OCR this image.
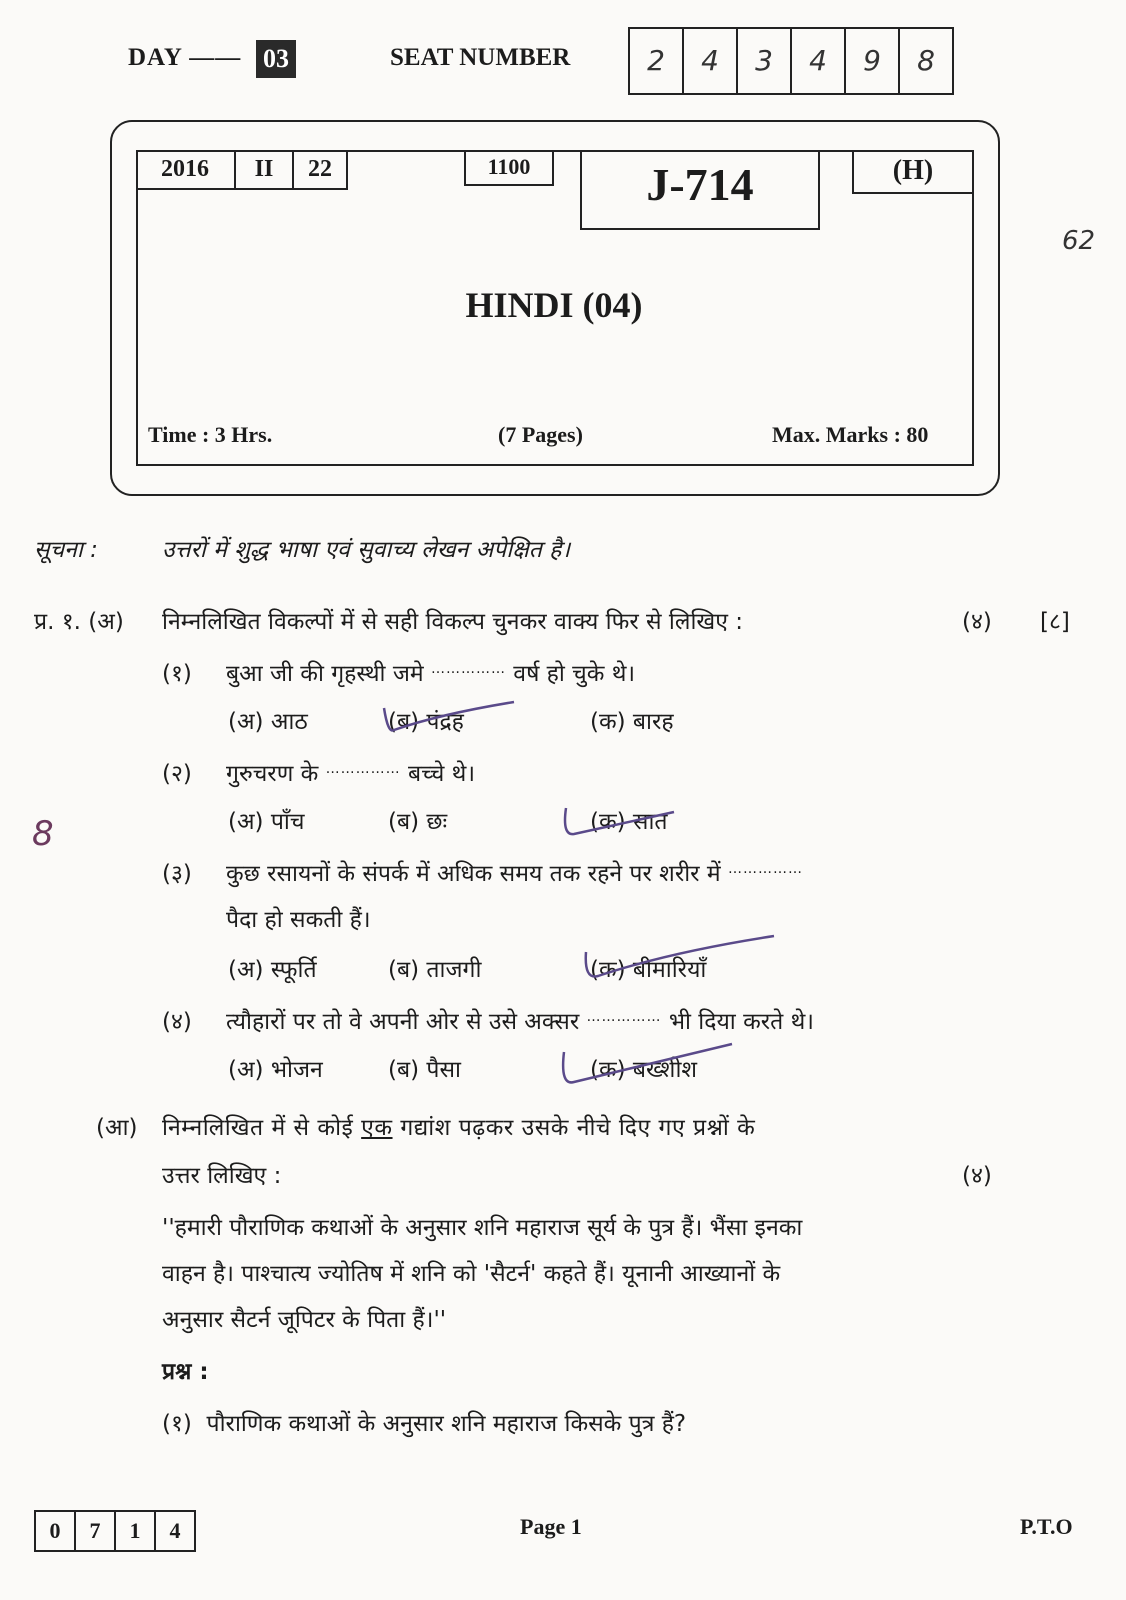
DAY —— 03	SEAT NUMBER	2	4	3	4	9	8
2016	II	22	1100	J-714	(H)
HINDI (04)
Time : 3 Hrs.	(7 Pages)	Max. Marks : 80
62
सूचना :	उत्तरों में शुद्ध भाषा एवं सुवाच्य लेखन अपेक्षित है।
प्र. १. (अ) निम्नलिखित विकल्पों में से सही विकल्प चुनकर वाक्य फिर से लिखिए :	(४) [८]
8
(१) बुआ जी की गृहस्थी जमे …………… वर्ष हो चुके थे।
(अ) आठ	(ब) पंद्रह	(क) बारह
(२) गुरुचरण के …………… बच्चे थे।
(अ) पाँच	(ब) छः	(क) सात
(३) कुछ रसायनों के संपर्क में अधिक समय तक रहने पर शरीर में ……………
पैदा हो सकती हैं।
(अ) स्फूर्ति	(ब) ताजगी	(क) बीमारियाँ
(४) त्यौहारों पर तो वे अपनी ओर से उसे अक्सर …………… भी दिया करते थे।
(अ) भोजन	(ब) पैसा	(क) बख्शीश
(आ) निम्नलिखित में से कोई एक गद्यांश पढ़कर उसके नीचे दिए गए प्रश्नों के
उत्तर लिखिए :	(४)
''हमारी पौराणिक कथाओं के अनुसार शनि महाराज सूर्य के पुत्र हैं। भैंसा इनका
वाहन है। पाश्चात्य ज्योतिष में शनि को 'सैटर्न' कहते हैं। यूनानी आख्यानों के
अनुसार सैटर्न जूपिटर के पिता हैं।''
प्रश्न :
(१)  पौराणिक कथाओं के अनुसार शनि महाराज किसके पुत्र हैं?
0	7	1	4	Page 1	P.T.O
